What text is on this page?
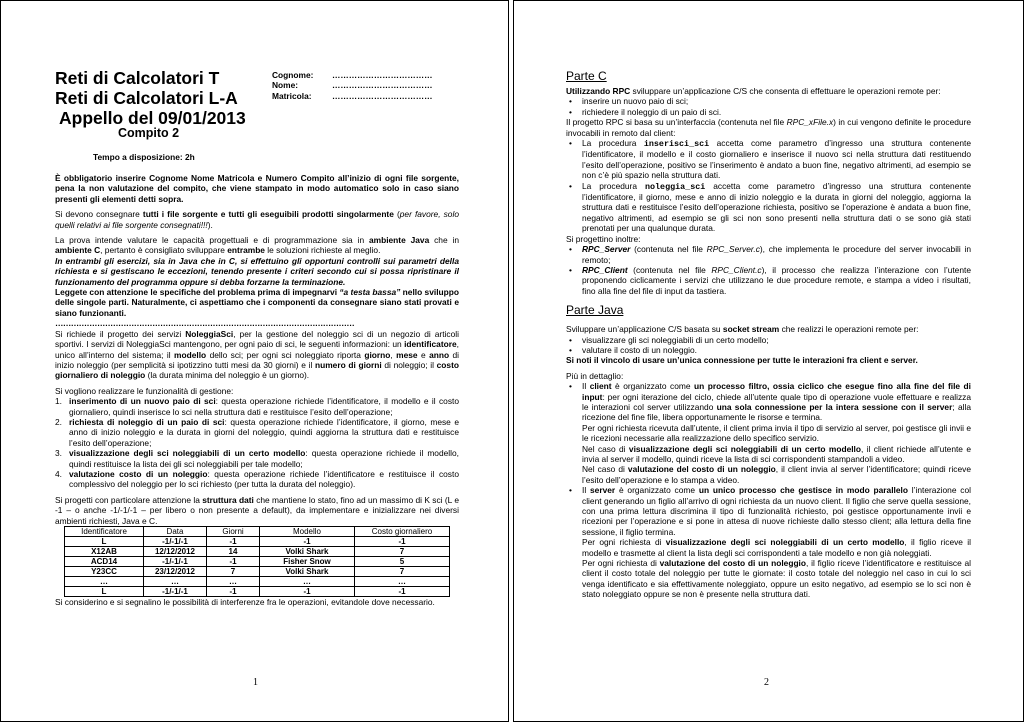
Reti di Calcolatori T
Reti di Calcolatori L-A
Appello del 09/01/2013
Compito 2
Cognome: ………………………………
Nome:	………………………………
Matricola: ………………………………
Tempo a disposizione: 2h

È obbligatorio inserire Cognome Nome Matricola e Numero Compito all’inizio di ogni file sorgente, pena la non valutazione del compito, che viene stampato in modo automatico solo in caso siano presenti gli elementi detti sopra.

Si devono consegnare tutti i file sorgente e tutti gli eseguibili prodotti singolarmente (per favore, solo quelli relativi ai file sorgente consegnati!!!).

La prova intende valutare le capacità progettuali e di programmazione sia in ambiente Java che in ambiente C, pertanto è consigliato sviluppare entrambe le soluzioni richieste al meglio.

In entrambi gli esercizi, sia in Java che in C, si effettuino gli opportuni controlli sui parametri della richiesta e si gestiscano le eccezioni, tenendo presente i criteri secondo cui si possa ripristinare il funzionamento del programma oppure si debba forzarne la terminazione.

Leggete con attenzione le specifiche del problema prima di impegnarvi “a testa bassa” nello sviluppo delle singole parti. Naturalmente, ci aspettiamo che i componenti da consegnare siano stati provati e siano funzionanti.

……………………………………………………………………………………………………

Si richiede il progetto dei servizi NoleggiaSci, per la gestione del noleggio sci di un negozio di articoli sportivi. I servizi di NoleggiaSci mantengono, per ogni paio di sci, le seguenti informazioni: un identificatore, unico all’interno del sistema; il modello dello sci; per ogni sci noleggiato riporta giorno, mese e anno di inizio noleggio (per semplicità si ipotizzino tutti mesi da 30 giorni) e il numero di giorni di noleggio; il costo giornaliero di noleggio (la durata minima del noleggio è un giorno).

Si vogliono realizzare le funzionalità di gestione:

1. inserimento di un nuovo paio di sci: questa operazione richiede l’identificatore, il modello e il costo giornaliero, quindi inserisce lo sci nella struttura dati e restituisce l’esito dell’operazione;

2. richiesta di noleggio di un paio di sci: questa operazione richiede l’identificatore, il giorno, mese e anno di inizio noleggio e la durata in giorni del noleggio, quindi aggiorna la struttura dati e restituisce l’esito dell’operazione;

3. visualizzazione degli sci noleggiabili di un certo modello: questa operazione richiede il modello, quindi restituisce la lista dei gli sci noleggiabili per tale modello;

4. valutazione costo di un noleggio: questa operazione richiede l’identificatore e restituisce il costo complessivo del noleggio per lo sci richiesto (per tutta la durata del noleggio).

Si progetti con particolare attenzione la struttura dati che mantiene lo stato, fino ad un massimo di K sci (L e -1 – o anche -1/-1/-1 – per libero o non presente a default), da implementare e inizializzare nei diversi ambienti richiesti, Java e C.

Identificatore	Data	Giorni	Modello	Costo giornaliero
L	-1/-1/-1	-1	-1	-1
X12AB	12/12/2012	14	Volki Shark	7
ACD14	-1/-1/-1	-1	Fisher Snow	5
Y23CC	23/12/2012	7	Volki Shark	7
…	…	…	…	…
L	-1/-1/-1	-1	-1	-1

Si considerino e si segnalino le possibilità di interferenze fra le operazioni, evitandole dove necessario.

1
Parte C

Utilizzando RPC sviluppare un’applicazione C/S che consenta di effettuare le operazioni remote per:

• inserire un nuovo paio di sci;

• richiedere il noleggio di un paio di sci.

Il progetto RPC si basa su un’interfaccia (contenuta nel file RPC_xFile.x) in cui vengono definite le procedure invocabili in remoto dal client:

• La procedura inserisci_sci accetta come parametro d’ingresso una struttura contenente l’identificatore, il modello e il costo giornaliero e inserisce il nuovo sci nella struttura dati restituendo l’esito dell’operazione, positivo se l’inserimento è andato a buon fine, negativo altrimenti, ad esempio se non c’è più spazio nella struttura dati.

• La procedura noleggia_sci accetta come parametro d’ingresso una struttura contenente l’identificatore, il giorno, mese e anno di inizio noleggio e la durata in giorni del noleggio, aggiorna la struttura dati e restituisce l’esito dell’operazione richiesta, positivo se l’operazione è andata a buon fine, negativo altrimenti, ad esempio se gli sci non sono presenti nella struttura dati o se sono già stati prenotati per una qualunque durata.

Si progettino inoltre:

• RPC_Server (contenuta nel file RPC_Server.c), che implementa le procedure del server invocabili in remoto;

• RPC_Client (contenuta nel file RPC_Client.c), il processo che realizza l’interazione con l’utente proponendo ciclicamente i servizi che utilizzano le due procedure remote, e stampa a video i risultati, fino alla fine del file di input da tastiera.

Parte Java

Sviluppare un’applicazione C/S basata su socket stream che realizzi le operazioni remote per:

• visualizzare gli sci noleggiabili di un certo modello;

• valutare il costo di un noleggio.

Si noti il vincolo di usare un’unica connessione per tutte le interazioni fra client e server.

Più in dettaglio:

• Il client è organizzato come un processo filtro, ossia ciclico che esegue fino alla fine del file di input: per ogni iterazione del ciclo, chiede all’utente quale tipo di operazione vuole effettuare e realizza le interazioni col server utilizzando una sola connessione per la intera sessione con il server; alla ricezione del fine file, libera opportunamente le risorse e termina.

Per ogni richiesta ricevuta dall’utente, il client prima invia il tipo di servizio al server, poi gestisce gli invii e le ricezioni necessarie alla realizzazione dello specifico servizio.

Nel caso di visualizzazione degli sci noleggiabili di un certo modello, il client richiede all’utente e invia al server il modello, quindi riceve la lista di sci corrispondenti stampandoli a video.

Nel caso di valutazione del costo di un noleggio, il client invia al server l’identificatore; quindi riceve l’esito dell’operazione e lo stampa a video.

• Il server è organizzato come un unico processo che gestisce in modo parallelo l’interazione col client generando un figlio all’arrivo di ogni richiesta da un nuovo client. Il figlio che serve quella sessione, con una prima lettura discrimina il tipo di funzionalità richiesto, poi gestisce opportunamente invii e ricezioni per l’operazione e si pone in attesa di nuove richieste dallo stesso client; alla lettura della fine sessione, il figlio termina.

Per ogni richiesta di visualizzazione degli sci noleggiabili di un certo modello, il figlio riceve il modello e trasmette al client la lista degli sci corrispondenti a tale modello e non già noleggiati.

Per ogni richiesta di valutazione del costo di un noleggio, il figlio riceve l’identificatore e restituisce al client il costo totale del noleggio per tutte le giornate: il costo totale del noleggio nel caso in cui lo sci venga identificato e sia effettivamente noleggiato, oppure un esito negativo, ad esempio se lo sci non è stato noleggiato oppure se non è presente nella struttura dati.

2
